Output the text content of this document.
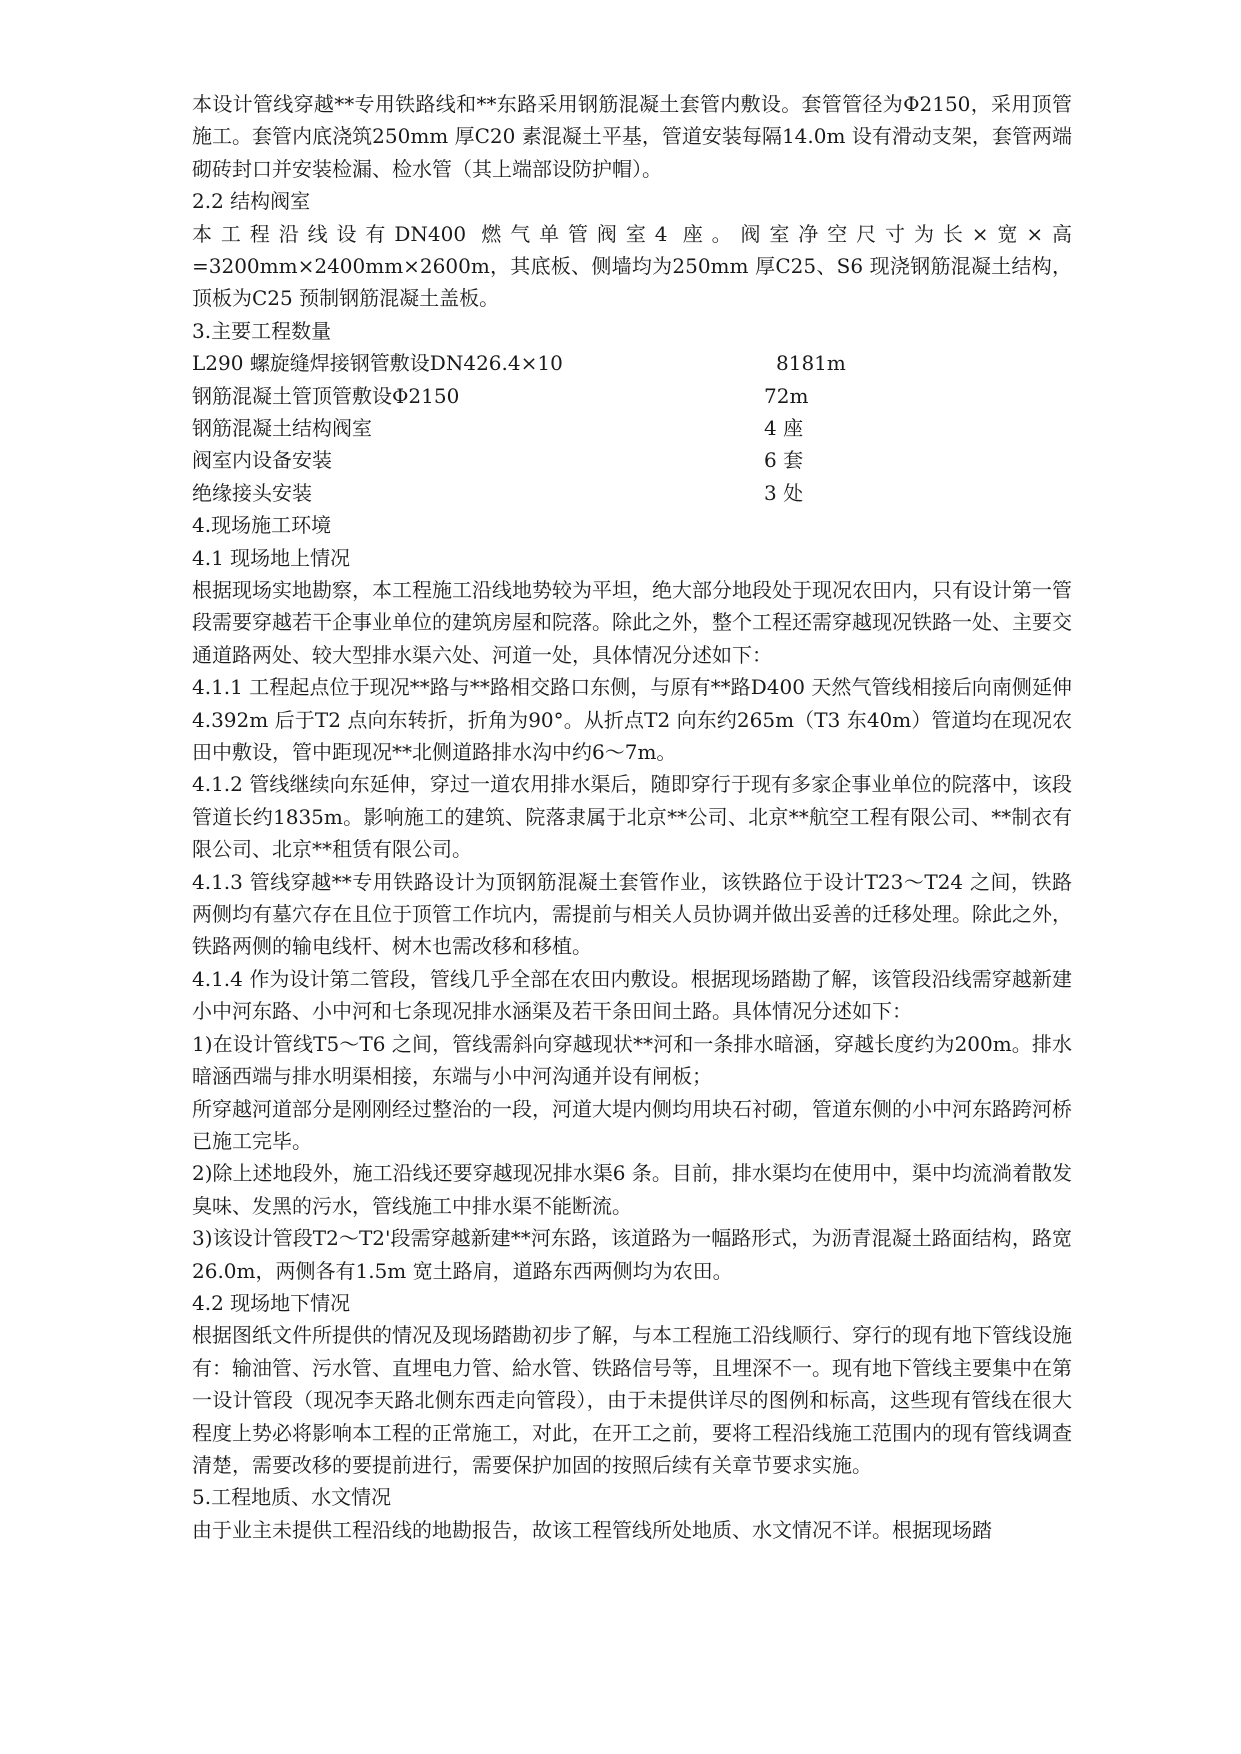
本设计管线穿越**专用铁路线和**东路采用钢筋混凝土套管内敷设。套管管径为Φ2150，采用顶管施工。套管内底浇筑250mm 厚C20 素混凝土平基，管道安装每隔14.0m 设有滑动支架，套管两端砌砖封口并安装检漏、检水管（其上端部设防护帽）。

2.2 结构阀室

本工程沿线设有DN400 燃气单管阀室4 座。阀室净空尺寸为长×宽×高=3200mm×2400mm×2600m，其底板、侧墙均为250mm 厚C25、S6 现浇钢筋混凝土结构，顶板为C25 预制钢筋混凝土盖板。

3.主要工程数量

L290 螺旋缝焊接钢管敷设DN426.4×10	8181m
钢筋混凝土管顶管敷设Φ2150	72m
钢筋混凝土结构阀室	4 座
阀室内设备安装	6 套
绝缘接头安装	3 处

4.现场施工环境

4.1 现场地上情况

根据现场实地勘察，本工程施工沿线地势较为平坦，绝大部分地段处于现况农田内，只有设计第一管段需要穿越若干企事业单位的建筑房屋和院落。除此之外，整个工程还需穿越现况铁路一处、主要交通道路两处、较大型排水渠六处、河道一处，具体情况分述如下：

4.1.1 工程起点位于现况**路与**路相交路口东侧，与原有**路D400 天然气管线相接后向南侧延伸4.392m 后于T2 点向东转折，折角为90°。从折点T2 向东约265m（T3 东40m）管道均在现况农田中敷设，管中距现况**北侧道路排水沟中约6～7m。

4.1.2 管线继续向东延伸，穿过一道农用排水渠后，随即穿行于现有多家企事业单位的院落中，该段管道长约1835m。影响施工的建筑、院落隶属于北京**公司、北京**航空工程有限公司、**制衣有限公司、北京**租赁有限公司。

4.1.3 管线穿越**专用铁路设计为顶钢筋混凝土套管作业，该铁路位于设计T23～T24 之间，铁路两侧均有墓穴存在且位于顶管工作坑内，需提前与相关人员协调并做出妥善的迁移处理。除此之外，铁路两侧的输电线杆、树木也需改移和移植。

4.1.4 作为设计第二管段，管线几乎全部在农田内敷设。根据现场踏勘了解，该管段沿线需穿越新建小中河东路、小中河和七条现况排水涵渠及若干条田间土路。具体情况分述如下：

1)在设计管线T5～T6 之间，管线需斜向穿越现状**河和一条排水暗涵，穿越长度约为200m。排水暗涵西端与排水明渠相接，东端与小中河沟通并设有闸板；

所穿越河道部分是刚刚经过整治的一段，河道大堤内侧均用块石衬砌，管道东侧的小中河东路跨河桥已施工完毕。

2)除上述地段外，施工沿线还要穿越现况排水渠6 条。目前，排水渠均在使用中，渠中均流淌着散发臭味、发黑的污水，管线施工中排水渠不能断流。

3)该设计管段T2～T2'段需穿越新建**河东路，该道路为一幅路形式，为沥青混凝土路面结构，路宽26.0m，两侧各有1.5m 宽土路肩，道路东西两侧均为农田。

4.2 现场地下情况

根据图纸文件所提供的情况及现场踏勘初步了解，与本工程施工沿线顺行、穿行的现有地下管线设施有：输油管、污水管、直埋电力管、給水管、铁路信号等，且埋深不一。现有地下管线主要集中在第一设计管段（现况李天路北侧东西走向管段），由于未提供详尽的图例和标高，这些现有管线在很大程度上势必将影响本工程的正常施工，对此，在开工之前，要将工程沿线施工范围内的现有管线调查清楚，需要改移的要提前进行，需要保护加固的按照后续有关章节要求实施。

5.工程地质、水文情况

由于业主未提供工程沿线的地勘报告，故该工程管线所处地质、水文情况不详。根据现场踏
